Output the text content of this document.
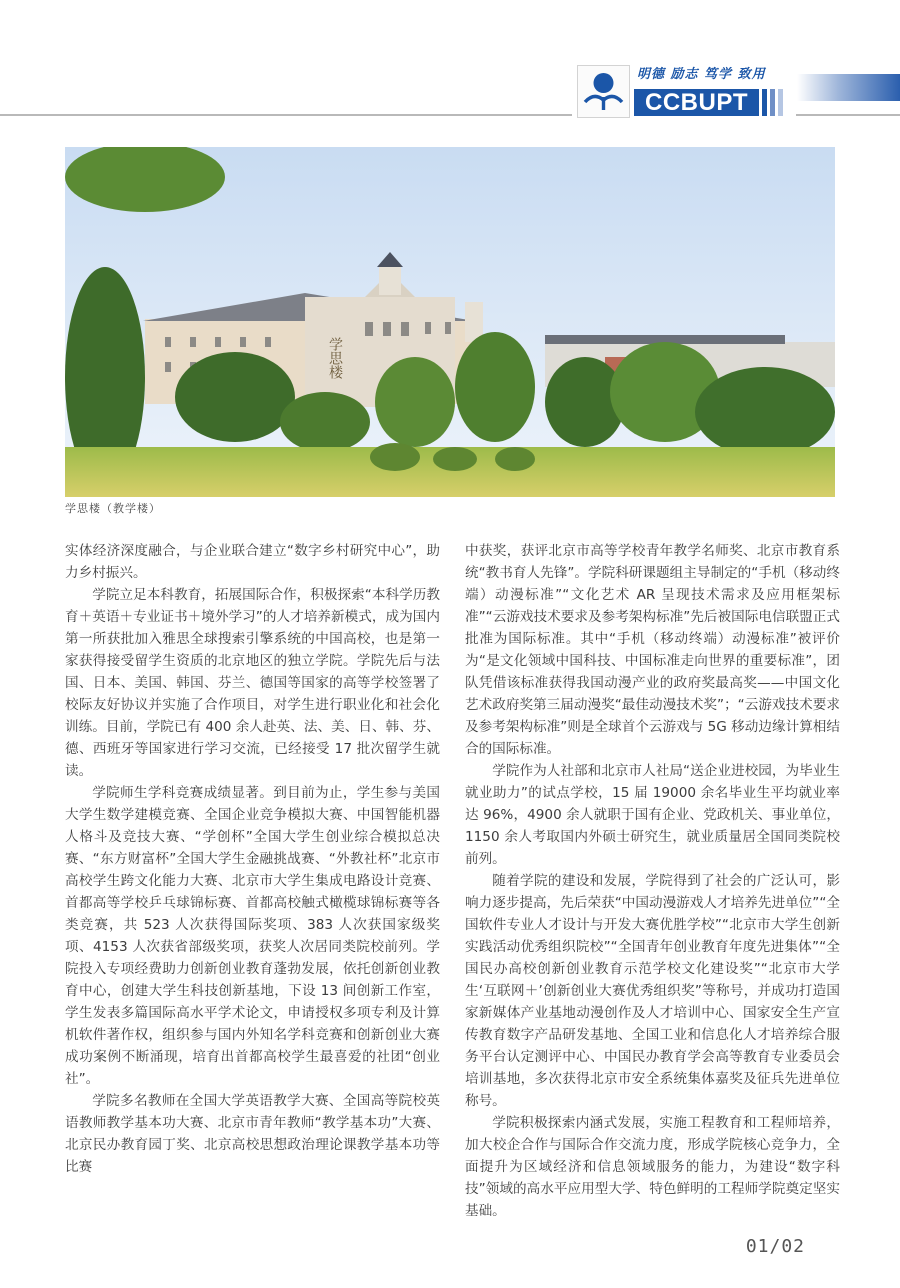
明德 励志 笃学 致用
CCBUPT
学思楼
学思楼（教学楼）

实体经济深度融合，与企业联合建立“数字乡村研究中心”，助力乡村振兴。

学院立足本科教育，拓展国际合作，积极探索“本科学历教育＋英语＋专业证书＋境外学习”的人才培养新模式，成为国内第一所获批加入雅思全球搜索引擎系统的中国高校，也是第一家获得接受留学生资质的北京地区的独立学院。学院先后与法国、日本、美国、韩国、芬兰、德国等国家的高等学校签署了校际友好协议并实施了合作项目，对学生进行职业化和社会化训练。目前，学院已有 400 余人赴英、法、美、日、韩、芬、德、西班牙等国家进行学习交流，已经接受 17 批次留学生就读。

学院师生学科竞赛成绩显著。到目前为止，学生参与美国大学生数学建模竞赛、全国企业竞争模拟大赛、中国智能机器人格斗及竞技大赛、“学创杯”全国大学生创业综合模拟总决赛、“东方财富杯”全国大学生金融挑战赛、“外教社杯”北京市高校学生跨文化能力大赛、北京市大学生集成电路设计竞赛、首都高等学校乒乓球锦标赛、首都高校触式橄榄球锦标赛等各类竞赛，共 523 人次获得国际奖项、383 人次获国家级奖项、4153 人次获省部级奖项，获奖人次居同类院校前列。学院投入专项经费助力创新创业教育蓬勃发展，依托创新创业教育中心，创建大学生科技创新基地，下设 13 间创新工作室，学生发表多篇国际高水平学术论文，申请授权多项专利及计算机软件著作权，组织参与国内外知名学科竞赛和创新创业大赛成功案例不断涌现，培育出首都高校学生最喜爱的社团“创业社”。

学院多名教师在全国大学英语教学大赛、全国高等院校英语教师教学基本功大赛、北京市青年教师“教学基本功”大赛、北京民办教育园丁奖、北京高校思想政治理论课教学基本功等比赛

中获奖，获评北京市高等学校青年教学名师奖、北京市教育系统“教书育人先锋”。学院科研课题组主导制定的“手机（移动终端）动漫标准”“文化艺术 AR 呈现技术需求及应用框架标准”“云游戏技术要求及参考架构标准”先后被国际电信联盟正式批准为国际标准。其中“手机（移动终端）动漫标准”被评价为“是文化领域中国科技、中国标准走向世界的重要标准”，团队凭借该标准获得我国动漫产业的政府奖最高奖——中国文化艺术政府奖第三届动漫奖“最佳动漫技术奖”；“云游戏技术要求及参考架构标准”则是全球首个云游戏与 5G 移动边缘计算相结合的国际标准。

学院作为人社部和北京市人社局“送企业进校园，为毕业生就业助力”的试点学校，15 届 19000 余名毕业生平均就业率达 96%，4900 余人就职于国有企业、党政机关、事业单位，1150 余人考取国内外硕士研究生，就业质量居全国同类院校前列。

随着学院的建设和发展，学院得到了社会的广泛认可，影响力逐步提高，先后荣获“中国动漫游戏人才培养先进单位”“全国软件专业人才设计与开发大赛优胜学校”“北京市大学生创新实践活动优秀组织院校”“全国青年创业教育年度先进集体”“全国民办高校创新创业教育示范学校文化建设奖”“北京市大学生‘互联网＋’创新创业大赛优秀组织奖”等称号，并成功打造国家新媒体产业基地动漫创作及人才培训中心、国家安全生产宣传教育数字产品研发基地、全国工业和信息化人才培养综合服务平台认定测评中心、中国民办教育学会高等教育专业委员会培训基地，多次获得北京市安全系统集体嘉奖及征兵先进单位称号。

学院积极探索内涵式发展，实施工程教育和工程师培养，加大校企合作与国际合作交流力度，形成学院核心竞争力，全面提升为区域经济和信息领域服务的能力，为建设“数字科技”领域的高水平应用型大学、特色鲜明的工程师学院奠定坚实基础。

01/02
